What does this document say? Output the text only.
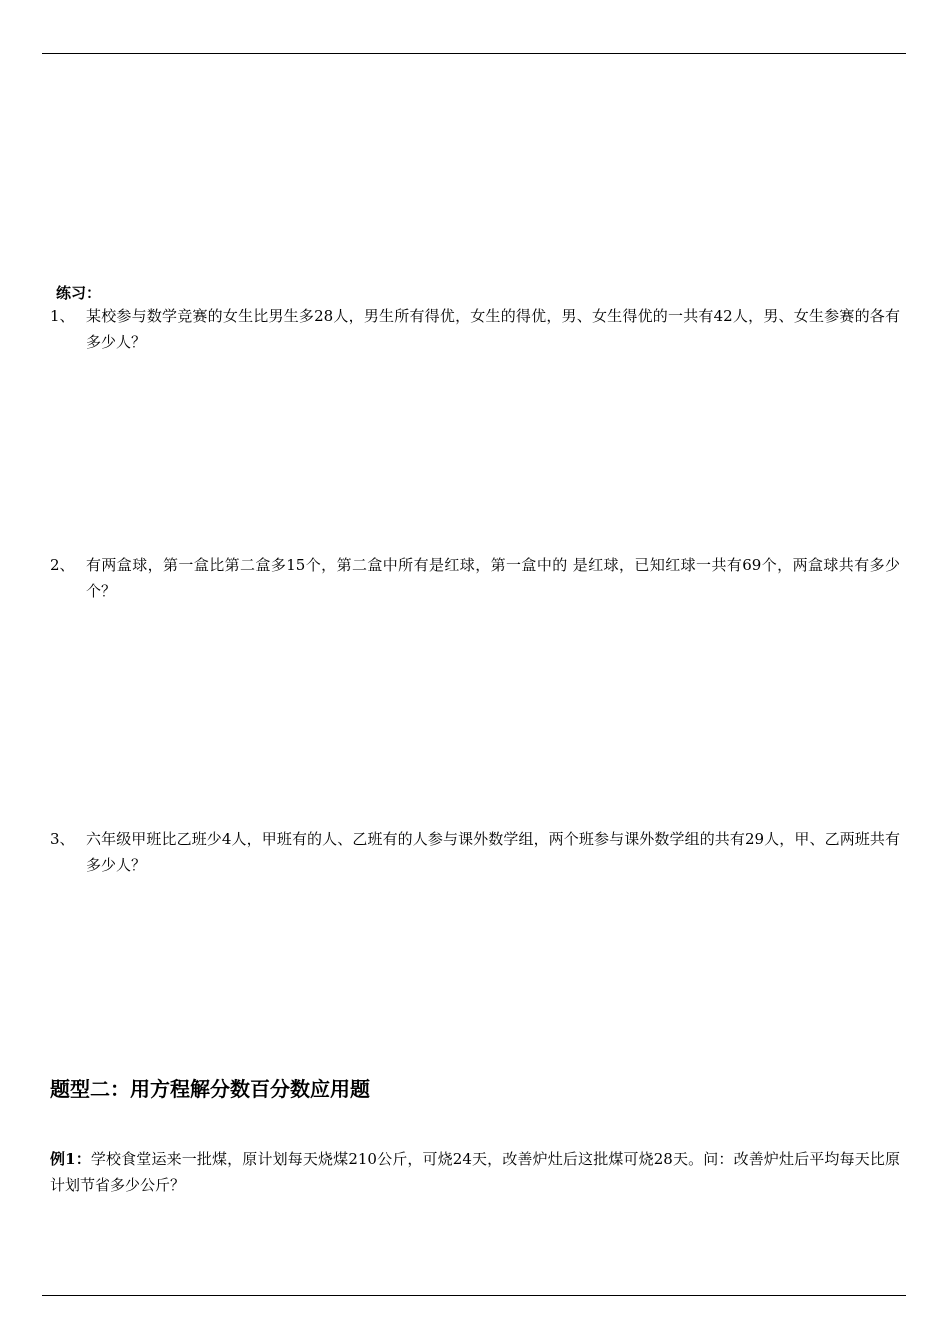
练习：
1、 某校参与数学竞赛的女生比男生多28人，男生所有得优，女生的得优，男、女生得优的一共有42人，男、女生参赛的各有多少人？
2、 有两盒球，第一盒比第二盒多15个，第二盒中所有是红球，第一盒中的 是红球，已知红球一共有69个，两盒球共有多少个？
3、 六年级甲班比乙班少4人，甲班有的人、乙班有的人参与课外数学组，两个班参与课外数学组的共有29人，甲、乙两班共有多少人？
题型二：用方程解分数百分数应用题
例1：学校食堂运来一批煤，原计划每天烧煤210公斤，可烧24天，改善炉灶后这批煤可烧28天。问：改善炉灶后平均每天比原计划节省多少公斤？
